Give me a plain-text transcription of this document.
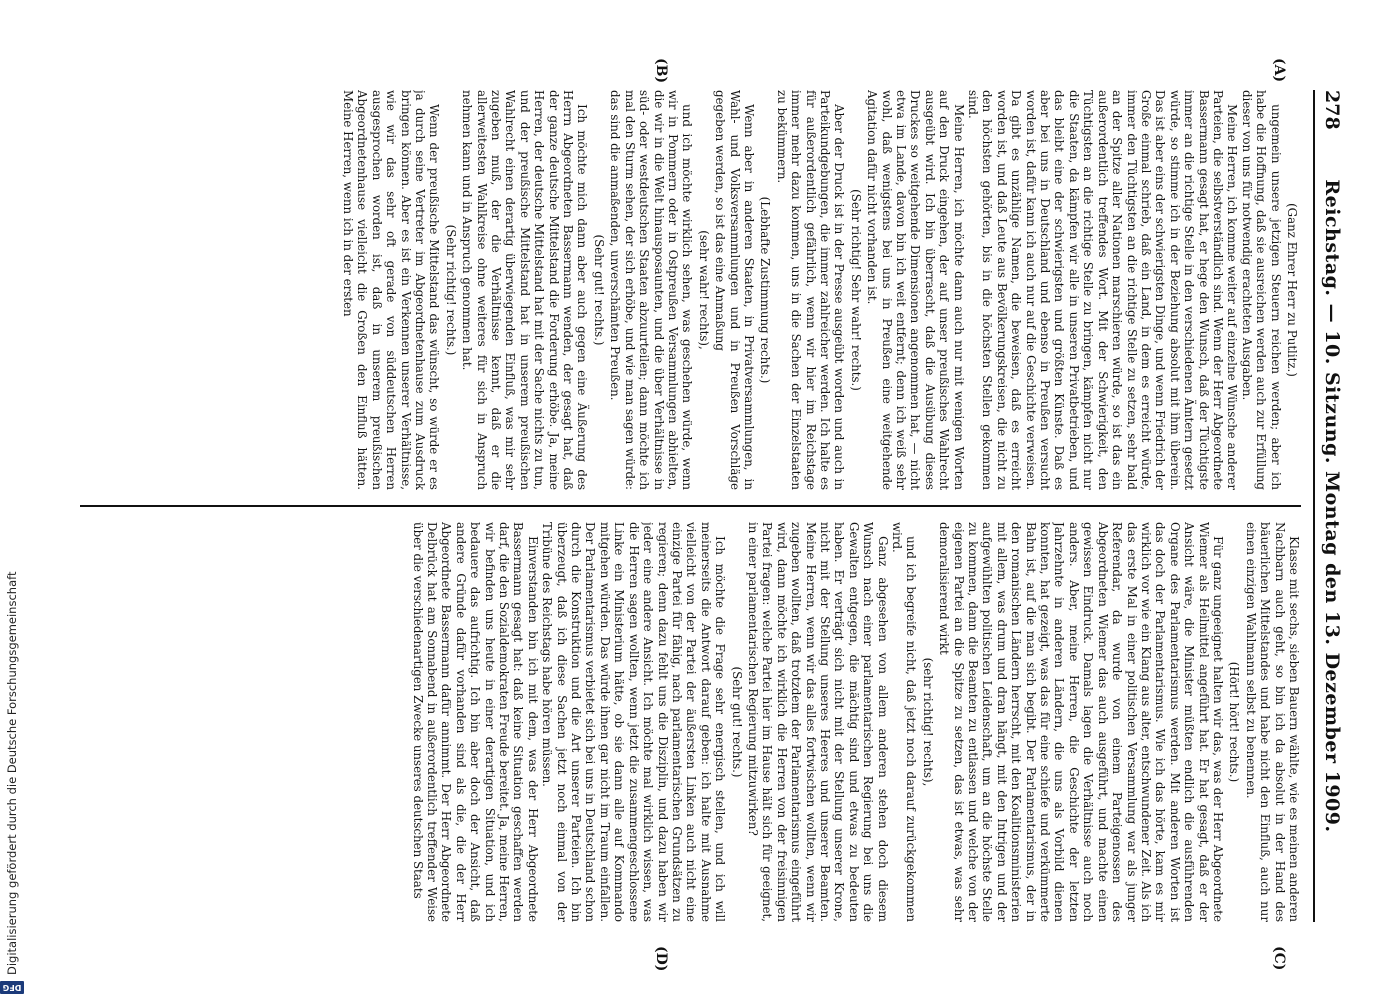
278
Reichstag. — 10. Sitzung. Montag den 13. Dezember 1909.
(A)
(B)
(C)
(D)

(Ganz Ehrer Herr zu Putlitz.)

ungemein unsere jetzigen Steuern reichen werden; aber ich habe die Hoffnung, daß sie ausreichen werden auch zur Erfüllung dieser von uns für notwendig erachteten Ausgaben.

Meine Herren, ich komme weiter auf einzelne Wünsche anderer Parteien, die selbstverständlich sind. Wenn der Herr Abgeordnete Bassermann gesagt hat, er hege den Wunsch, daß der Tüchtigste immer an die richtige Stelle in den verschiedenen Ämtern gesetzt würde, so stimme ich in der Beziehung absolut mit ihm überein. Das ist aber eins der schwierigsten Dinge, und wenn Friedrich der Große einmal schrieb, daß ein Land, in dem es erreicht würde, immer den Tüchtigsten an die richtige Stelle zu setzen, sehr bald an der Spitze aller Nationen marschieren würde, so ist das ein außerordentlich treffendes Wort. Mit der Schwierigkeit, den Tüchtigsten an die richtige Stelle zu bringen, kämpfen nicht nur die Staaten, da kämpfen wir alle in unseren Privatbetrieben, und das bleibt eine der schwierigsten und größten Künste. Daß es aber bei uns in Deutschland und ebenso in Preußen versucht worden ist, dafür kann ich auch nur auf die Geschichte verweisen. Da gibt es unzählige Namen, die beweisen, daß es erreicht worden ist, und daß Leute aus Bevölkerungskreisen, die nicht zu den höchsten gehörten, bis in die höchsten Stellen gekommen sind.

Meine Herren, ich möchte dann auch nur mit wenigen Worten auf den Druck eingehen, der auf unser preußisches Wahlrecht ausgeübt wird. Ich bin überrascht, daß die Ausübung dieses Druckes so weitgehende Dimensionen angenommen hat, — nicht etwa im Lande, davon bin ich weit entfernt; denn ich weiß sehr wohl, daß wenigstens bei uns in Preußen eine weitgehende Agitation dafür nicht vorhanden ist.

(Sehr richtig! Sehr wahr! rechts.)

Aber der Druck ist in der Presse ausgeübt worden und auch in Parteikundgebungen, die immer zahlreicher werden. Ich halte es für außerordentlich gefährlich, wenn wir hier im Reichstage immer mehr dazu kommen, uns in die Sachen der Einzelstaaten zu bekümmern.

(Lebhafte Zustimmung rechts.)

Wenn aber in anderen Staaten, in Privatversammlungen, in Wahl- und Volksversammlungen und in Preußen Vorschläge gegeben werden, so ist das eine Anmaßung

(sehr wahr! rechts),

und ich möchte wirklich sehen, was geschehen würde, wenn wir in Pommern oder in Ostpreußen Versammlungen abhielten, die wir in die Welt hinausposaunten, und die über Verhältnisse in süd- oder westdeutschen Staaten abzuurteilen; dann möchte ich mal den Sturm sehen, der sich erhöbe, und wie man sagen würde: das sind die anmaßenden, unverschämten Preußen.

(Sehr gut! rechts.)

Ich möchte mich dann aber auch gegen eine Äußerung des Herrn Abgeordneten Bassermann wenden, der gesagt hat, daß der ganze deutsche Mittelstand die Forderung erhöbe. Ja, meine Herren, der deutsche Mittelstand hat mit der Sache nichts zu tun, und der preußische Mittelstand hat in unserem preußischen Wahlrecht einen derartig überwiegenden Einfluß, was mir sehr zugeben muß, der die Verhältnisse kennt, daß er die allerweitesten Wahlkreise ohne weiteres für sich in Anspruch nehmen kann und in Anspruch genommen hat.

(Sehr richtig! rechts.)

Wenn der preußische Mittelstand das wünscht, so würde er es ja durch seine Vertreter im Abgeordnetenhause zum Ausdruck bringen können. Aber es ist ein Verkennen unserer Verhältnisse, wie wir das sehr oft gerade von süddeutschen Herren ausgesprochen worden ist, daß in unserem preußischen Abgeordnetenhause vielleicht die Großen den Einfluß hätten. Meine Herren, wenn ich in der ersten

Klasse mit sechs, sieben Bauern wählte, wie es meinen anderen Nachbarn auch geht, so bin ich da absolut in der Hand des bäuerlichen Mittelstandes und habe nicht den Einfluß, auch nur einen einzigen Wahlmann selbst zu benennen.

(Hört! hört! rechts.)

Für ganz ungeeignet halten wir das, was der Herr Abgeordnete Wiemer als Heilmittel angeführt hat. Er hat gesagt, daß er der Ansicht wäre, die Minister müßten endlich die ausführenden Organe des Parlamentarismus werden. Mit anderen Worten ist das doch der Parlamentarismus. Wie ich das hörte, kam es mir wirklich vor wie ein Klang aus alter, entschwundener Zeit. Als ich das erste Mal in einer politischen Versammlung war als junger Referendar, da wurde von einem Parteigenossen des Abgeordneten Wiemer das auch ausgeführt, und machte einen gewissen Eindruck. Damals lagen die Verhältnisse auch noch anders. Aber, meine Herren, die Geschichte der letzten Jahrzehnte in anderen Ländern, die uns als Vorbild dienen konnten, hat gezeigt, was das für eine schiefe und verkümmerte Bahn ist, auf die man sich begibt. Der Parlamentarismus, der in den romanischen Ländern herrscht, mit den Koalitionsministerien mit allem, was drum und dran hängt, mit den Intrigen und der aufgewühlten politischen Leidenschaft, um an die höchste Stelle zu kommen, dann die Beamten zu entlassen und welche von der eigenen Partei an die Spitze zu setzen, das ist etwas, was sehr demoralisierend wirkt

(sehr richtig! rechts),

und ich begreife nicht, daß jetzt noch darauf zurückgekommen wird.

Ganz abgesehen von allem anderen stehen doch diesem Wunsch nach einer parlamentarischen Regierung bei uns die Gewalten entgegen, die mächtig sind und etwas zu bedeuten haben. Er verträgt sich nicht mit der Stellung unserer Krone, nicht mit der Stellung unseres Heeres und unserer Beamten. Meine Herren, wenn wir das alles fortwischen wollten, wenn wir zugeben wollten, daß trotzdem der Parlamentarismus eingeführt wird, dann möchte ich wirklich die Herren von der freisinnigen Partei fragen: welche Partei hier im Hause hält sich für geeignet, in einer parlamentarischen Regierung mitzuwirken?

(Sehr gut! rechts.)

Ich möchte die Frage sehr energisch stellen, und ich will meinerseits die Antwort darauf geben: ich halte mit Ausnahme vielleicht von der Partei der äußersten Linken auch nicht eine einzige Partei für fähig, nach parlamentarischen Grundsätzen zu regieren; denn dazu fehlt uns die Disziplin, und dazu haben wir jeder eine andere Ansicht. Ich möchte mal wirklich wissen, was die Herren sagen wollten, wenn jetzt die zusammengeschlossene Linke ein Ministerium hätte, ob sie dann alle auf Kommando mitgehen würden. Das würde ihnen gar nicht im Traum einfallen. Der Parlamentarismus verbietet sich bei uns in Deutschland schon durch die Konstruktion und die Art unserer Parteien. Ich bin überzeugt, daß ich diese Sachen jetzt noch einmal von der Tribüne des Reichstags habe hören müssen.

Einverstanden bin ich mit dem, was der Herr Abgeordnete Bassermann gesagt hat: daß keine Situation geschaffen werden darf, die den Sozialdemokraten Freude bereitet. Ja, meine Herren, wir befinden uns heute in einer derartigen Situation, und ich bedauere das aufrichtig. Ich bin aber doch der Ansicht, daß andere Gründe dafür vorhanden sind als die, die der Herr Abgeordnete Bassermann dafür annimmt. Der Herr Abgeordnete Delbrück hat am Sonnabend in außerordentlich treffender Weise über die verschiedenartigen Zwecke unseres deutschen Staats

DFG
Digitalisierung gefördert durch die Deutsche Forschungsgemeinschaft
